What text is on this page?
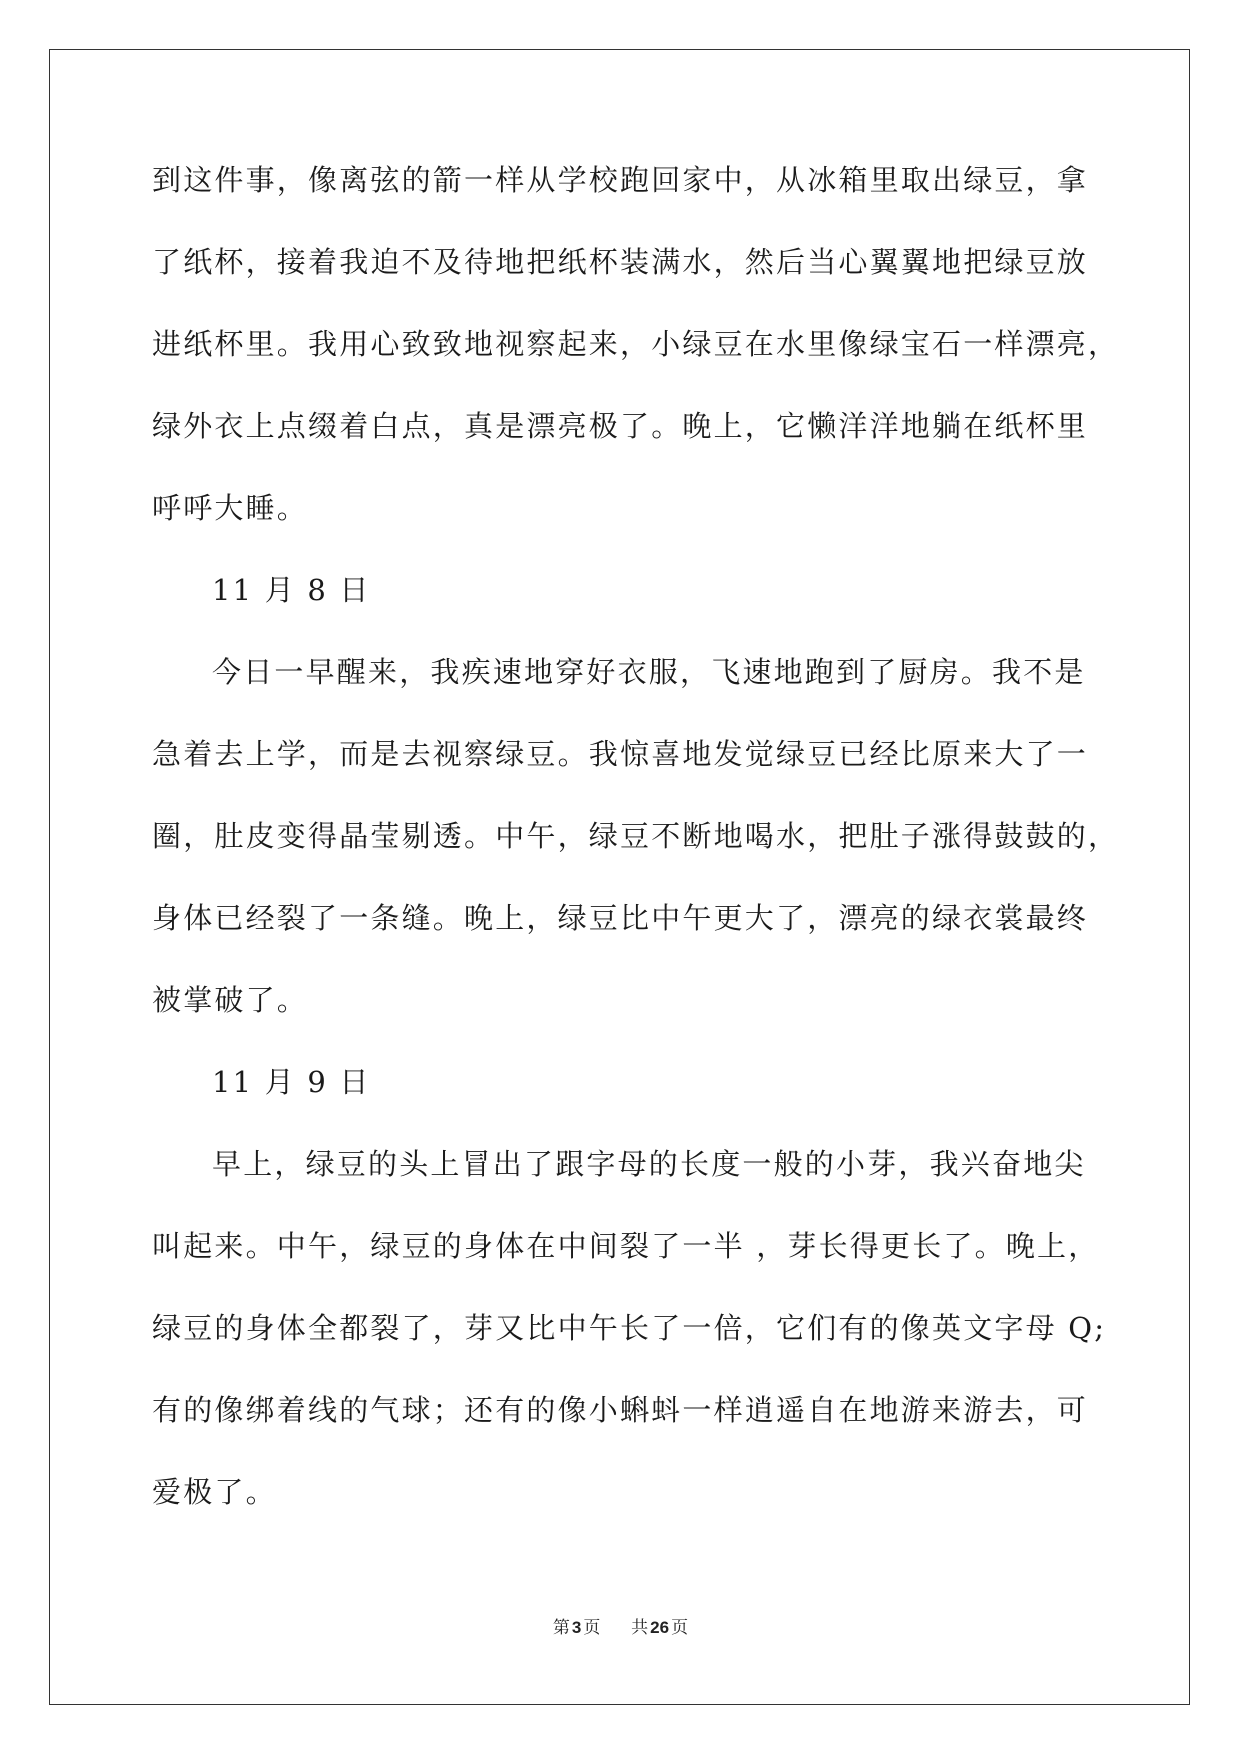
到这件事，像离弦的箭一样从学校跑回家中，从冰箱里取出绿豆，拿
了纸杯，接着我迫不及待地把纸杯装满水，然后当心翼翼地把绿豆放
进纸杯里。我用心致致地视察起来，小绿豆在水里像绿宝石一样漂亮，
绿外衣上点缀着白点，真是漂亮极了。晚上，它懒洋洋地躺在纸杯里
呼呼大睡。
11 月 8 日
今日一早醒来，我疾速地穿好衣服，飞速地跑到了厨房。我不是
急着去上学，而是去视察绿豆。我惊喜地发觉绿豆已经比原来大了一
圈，肚皮变得晶莹剔透。中午，绿豆不断地喝水，把肚子涨得鼓鼓的，
身体已经裂了一条缝。晚上，绿豆比中午更大了，漂亮的绿衣裳最终
被掌破了。
11 月 9 日
早上，绿豆的头上冒出了跟字母的长度一般的小芽，我兴奋地尖
叫起来。中午，绿豆的身体在中间裂了一半 ，芽长得更长了。晚上，
绿豆的身体全都裂了，芽又比中午长了一倍，它们有的像英文字母 Q;
有的像绑着线的气球；还有的像小蝌蚪一样逍遥自在地游来游去，可
爱极了。
第 3 页 共 26 页
